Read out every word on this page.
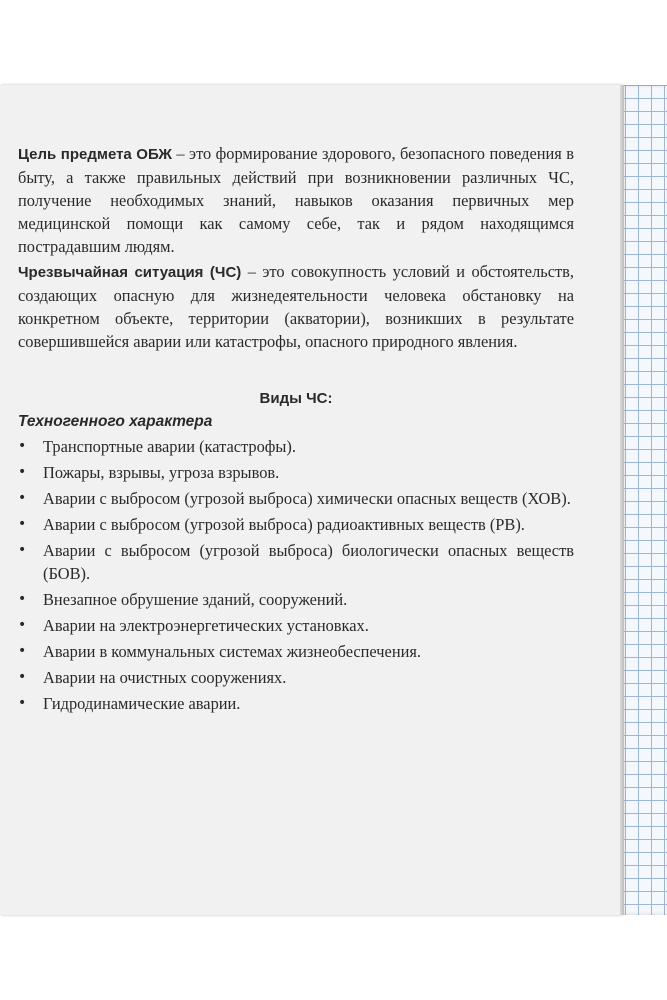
Цель предмета ОБЖ – это формирование здорового, безопасного поведения в быту, а также правильных действий при возникновении различных ЧС, получение необходимых знаний, навыков оказания первичных мер медицинской помощи как самому себе, так и рядом находящимся пострадавшим людям.

Чрезвычайная ситуация (ЧС) – это совокупность условий и обстоятельств, создающих опасную для жизнедеятельности человека обстановку на конкретном объекте, территории (акватории), возникших в результате совершившейся аварии или катастрофы, опасного природного явления.

Виды ЧС:
Техногенного характера
• Транспортные аварии (катастрофы).
• Пожары, взрывы, угроза взрывов.
• Аварии с выбросом (угрозой выброса) химически опасных веществ (ХОВ).
• Аварии с выбросом (угрозой выброса) радиоактивных веществ (РВ).
• Аварии с выбросом (угрозой выброса) биологически опасных веществ (БОВ).
• Внезапное обрушение зданий, сооружений.
• Аварии на электроэнергетических установках.
• Аварии в коммунальных системах жизнеобеспечения.
• Аварии на очистных сооружениях.
• Гидродинамические аварии.
